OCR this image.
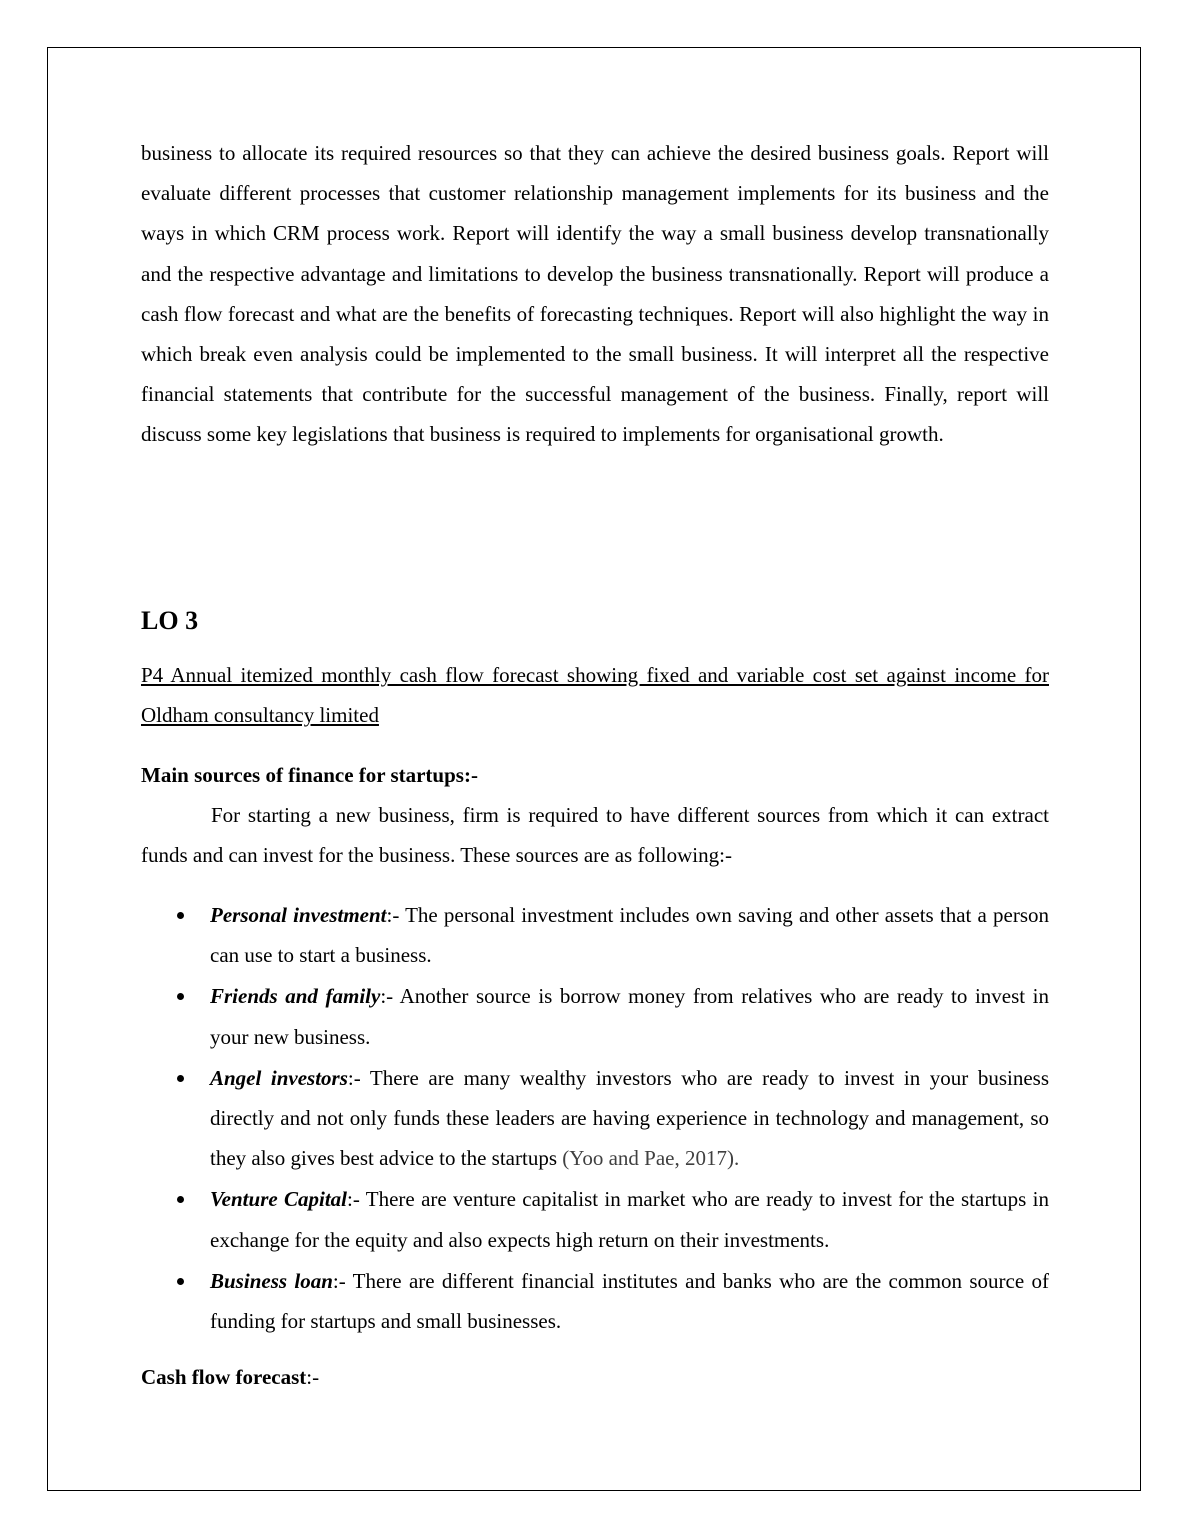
business to allocate its required resources so that they can achieve the desired business goals. Report will evaluate different processes that customer relationship management implements for its business and the ways in which CRM process work. Report will identify the way a small business develop transnationally and the respective advantage and limitations to develop the business transnationally. Report will produce a cash flow forecast and what are the benefits of forecasting techniques. Report will also highlight the way in which break even analysis could be implemented to the small business. It will interpret all the respective financial statements that contribute for the successful management of the business. Finally, report will discuss some key legislations that business is required to implements for organisational growth.

LO 3

P4 Annual itemized monthly cash flow forecast showing fixed and variable cost set against income for Oldham consultancy limited

Main sources of finance for startups:-

For starting a new business, firm is required to have different sources from which it can extract funds and can invest for the business. These sources are as following:-

Personal investment:- The personal investment includes own saving and other assets that a person can use to start a business.
Friends and family:- Another source is borrow money from relatives who are ready to invest in your new business.
Angel investors:- There are many wealthy investors who are ready to invest in your business directly and not only funds these leaders are having experience in technology and management, so they also gives best advice to the startups (Yoo and Pae, 2017).
Venture Capital:- There are venture capitalist in market who are ready to invest for the startups in exchange for the equity and also expects high return on their investments.
Business loan:- There are different financial institutes and banks who are the common source of funding for startups and small businesses.

Cash flow forecast:-
